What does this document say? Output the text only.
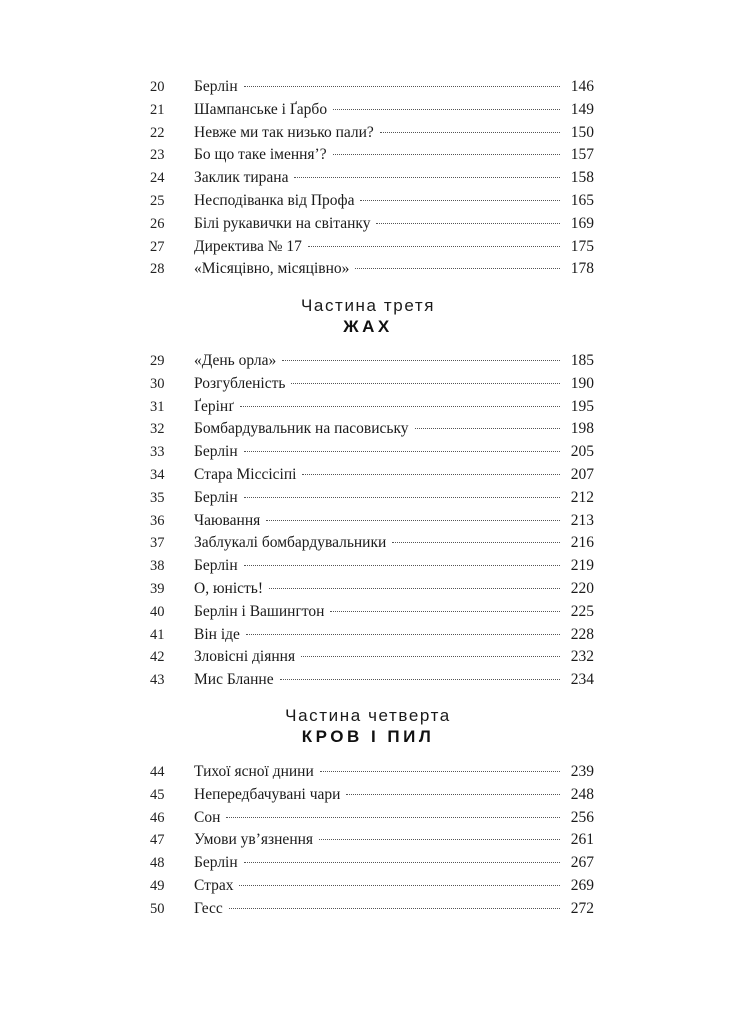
20	Берлін	146
21	Шампанське і Ґарбо	149
22	Невже ми так низько пали?	150
23	Бо що таке іменняʼ?	157
24	Заклик тирана	158
25	Несподіванка від Профа	165
26	Білі рукавички на світанку	169
27	Директива № 17	175
28	«Місяцівно, місяцівно»	178
Частина третя
ЖАХ
29	«День орла»	185
30	Розгубленість	190
31	Ґерінґ	195
32	Бомбардувальник на пасовиську	198
33	Берлін	205
34	Стара Міссісіпі	207
35	Берлін	212
36	Чаювання	213
37	Заблукалі бомбардувальники	216
38	Берлін	219
39	О, юність!	220
40	Берлін і Вашингтон	225
41	Він іде	228
42	Зловісні діяння	232
43	Мис Бланне	234
Частина четверта
КРОВ І ПИЛ
44	Тихої ясної днини	239
45	Непередбачувані чари	248
46	Сон	256
47	Умови ув’язнення	261
48	Берлін	267
49	Страх	269
50	Гесс	272
